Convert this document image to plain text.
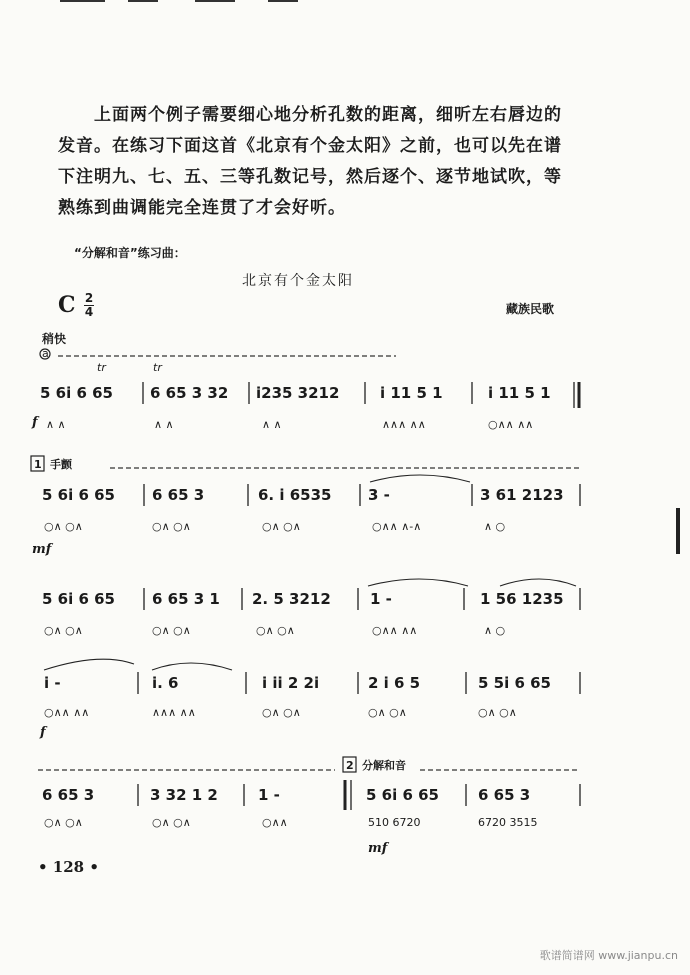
上面两个例子需要细心地分析孔数的距离，细听左右唇边的

发音。在练习下面这首《北京有个金太阳》之前，也可以先在谱

下注明九、七、五、三等孔数记号，然后逐个、逐节地试吹，等

熟练到曲调能完全连贯了才会好听。

“分解和音”练习曲：
北京有个金太阳
C 2
4	藏族民歌
稍快
a
tr	tr
1 手颤
2 分解和音
5 6i 6 65 6 65 3 32 i235 3212	i 11 5 1	i 11 5 1
∧ ∧	∧ ∧	∧ ∧	∧∧∧ ∧∧	○∧∧ ∧∧
f
5 6i 6 65 6 65 3	6. i 6535 3 -	3 61 2123
○∧ ○∧	○∧ ○∧	○∧ ○∧	○∧∧ ∧-∧	∧ ○
mf
5 6i 6 65 6 65 3 1 2. 5 3212	1 -	1 56 1235
○∧ ○∧	○∧ ○∧	○∧ ○∧	○∧∧ ∧∧	∧ ○
i -	i. 6	i ii 2 2i	2 i 6 5	5 5i 6 65
○∧∧ ∧∧	∧∧∧ ∧∧	○∧ ○∧	○∧ ○∧	○∧ ○∧
f
6 65 3	3 32 1 2	1 -	5 6i 6 65	6 65 3
○∧ ○∧	○∧ ○∧	○∧∧	510 6720	6720 3515
mf
• 128 •
歌谱简谱网 www.jianpu.cn
